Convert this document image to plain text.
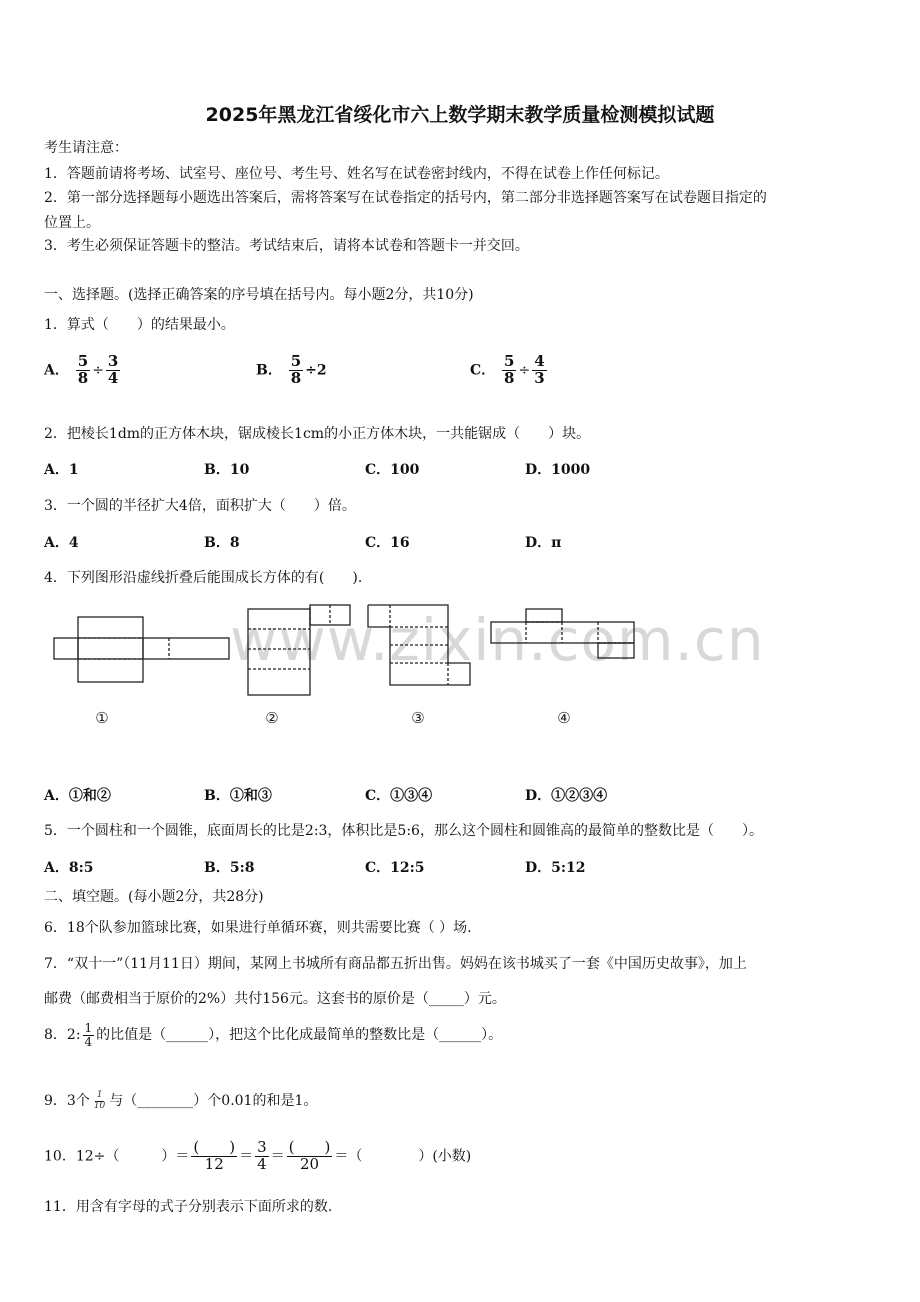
2025年黑龙江省绥化市六上数学期末教学质量检测模拟试题
考生请注意：
1．答题前请将考场、试室号、座位号、考生号、姓名写在试卷密封线内，不得在试卷上作任何标记。
2．第一部分选择题每小题选出答案后，需将答案写在试卷指定的括号内，第二部分非选择题答案写在试卷题目指定的
位置上。
3．考生必须保证答题卡的整洁。考试结束后，请将本试卷和答题卡一并交回。
一、选择题。(选择正确答案的序号填在括号内。每小题2分，共10分)
1．算式（　　）的结果最小。
A． $\frac{5}{8} \div \frac{3}{4}$	B． $\frac{5}{8} \div 2$	C． $\frac{5}{8} \div \frac{4}{3}$
2．把棱长1dm的正方体木块，锯成棱长1cm的小正方体木块，一共能锯成（　　）块。
A．1	B．10	C．100	D．1000
3．一个圆的半径扩大4倍，面积扩大（　　）倍。
A．4	B．8	C．16	D．π
4．下列图形沿虚线折叠后能围成长方体的有(　　).
www.zixin.com.cn
①	②	③	④
A．①和②	B．①和③	C．①③④	D．①②③④
5．一个圆柱和一个圆锥，底面周长的比是2:3，体积比是5:6，那么这个圆柱和圆锥高的最简单的整数比是（　　）。
A．8:5	B．5:8	C．12:5	D．5:12
二、填空题。(每小题2分，共28分)
6．18个队参加篮球比赛，如果进行单循环赛，则共需要比赛（ ）场.
7．“双十一”（11月11日）期间，某网上书城所有商品都五折出售。妈妈在该书城买了一套《中国历史故事》，加上
邮费（邮费相当于原价的2%）共付156元。这套书的原价是（_____）元。
8．2: $\frac{1}{4}$ 的比值是（______），把这个比化成最简单的整数比是（______）。
9．3个 $\frac{1}{10}$ 与（________）个0.01的和是1。
10．12÷（　　　）＝ $\frac{( )}{12} = \frac{3}{4} = \frac{( )}{20}$ ＝（　　　　）(小数)
11．用含有字母的式子分别表示下面所求的数.
